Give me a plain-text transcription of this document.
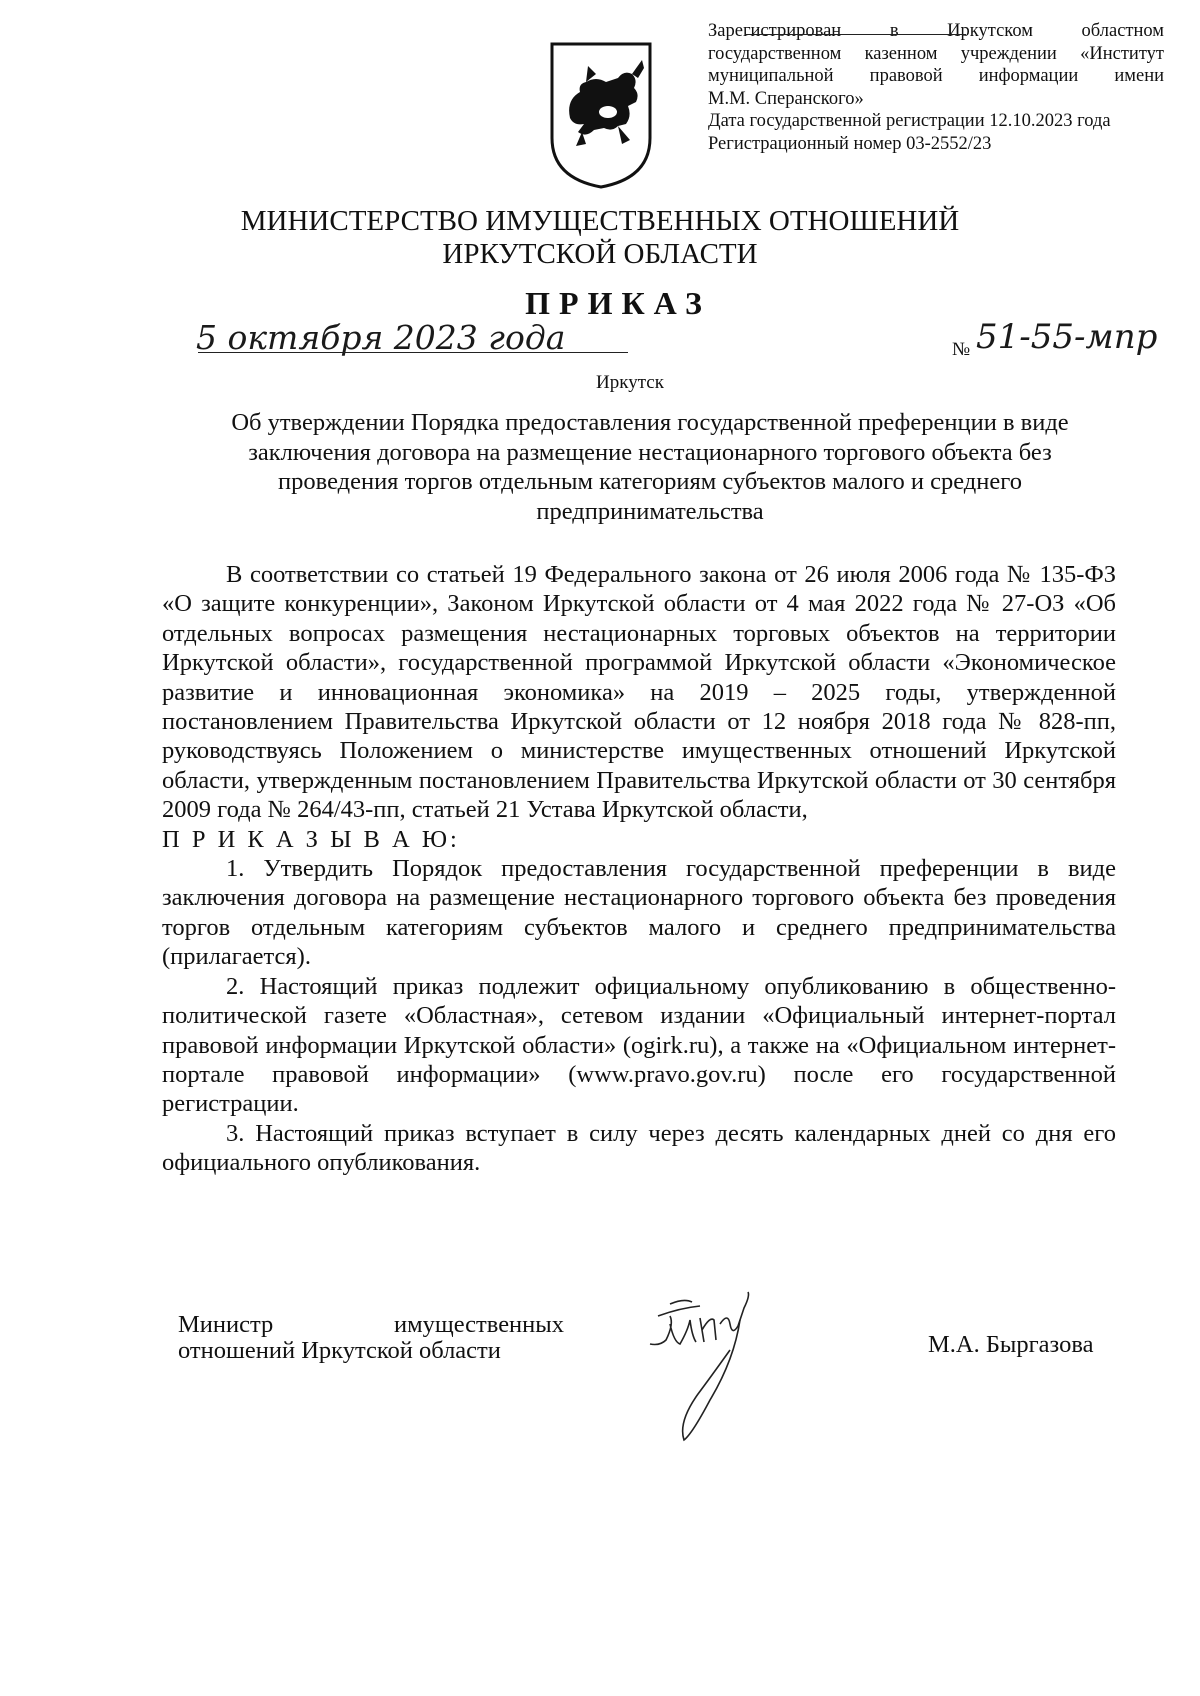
Зарегистрирован в Иркутском областном
государственном казенном учреждении «Институт
муниципальной правовой информации имени
М.М. Сперанского»
Дата государственной регистрации 12.10.2023 года
Регистрационный номер 03-2552/23
МИНИСТЕРСТВО ИМУЩЕСТВЕННЫХ ОТНОШЕНИЙ
ИРКУТСКОЙ ОБЛАСТИ
ПРИКАЗ
5 октября 2023 года	№ 51-55-мпр
Иркутск
Об утверждении Порядка предоставления государственной преференции в виде заключения договора на размещение нестационарного торгового объекта без проведения торгов отдельным категориям субъектов малого и среднего предпринимательства

В соответствии со статьей 19 Федерального закона от 26 июля 2006 года № 135-ФЗ «О защите конкуренции», Законом Иркутской области от 4 мая 2022 года № 27-ОЗ «Об отдельных вопросах размещения нестационарных торговых объектов на территории Иркутской области», государственной программой Иркутской области «Экономическое развитие и инновационная экономика» на 2019 – 2025 годы, утвержденной постановлением Правительства Иркутской области от 12 ноября 2018 года № 828-пп, руководствуясь Положением о министерстве имущественных отношений Иркутской области, утвержденным постановлением Правительства Иркутской области от 30 сентября 2009 года № 264/43-пп, статьей 21 Устава Иркутской области,

П Р И К А З Ы В А Ю:

1. Утвердить Порядок предоставления государственной преференции в виде заключения договора на размещение нестационарного торгового объекта без проведения торгов отдельным категориям субъектов малого и среднего предпринимательства (прилагается).

2. Настоящий приказ подлежит официальному опубликованию в общественно-политической газете «Областная», сетевом издании «Официальный интернет-портал правовой информации Иркутской области» (ogirk.ru), а также на «Официальном интернет-портале правовой информации» (www.pravo.gov.ru) после его государственной регистрации.

3. Настоящий приказ вступает в силу через десять календарных дней со дня его официального опубликования.

Министр имущественных
отношений Иркутской области	М.А. Быргазова
